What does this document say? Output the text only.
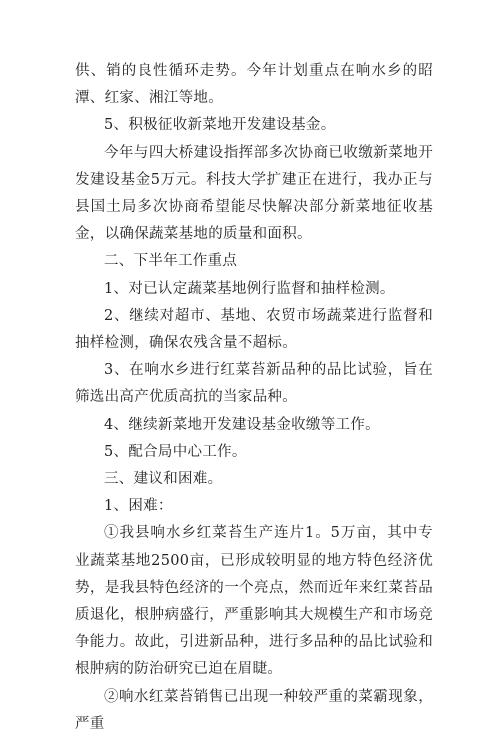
供、销的良性循环走势。今年计划重点在响水乡的昭潭、红家、湘江等地。

5、积极征收新菜地开发建设基金。

今年与四大桥建设指挥部多次协商已收缴新菜地开发建设基金5万元。科技大学扩建正在进行，我办正与县国土局多次协商希望能尽快解决部分新菜地征收基金，以确保蔬菜基地的质量和面积。

二、下半年工作重点

1、对已认定蔬菜基地例行监督和抽样检测。

2、继续对超市、基地、农贸市场蔬菜进行监督和抽样检测，确保农残含量不超标。

3、在响水乡进行红菜苔新品种的品比试验，旨在筛选出高产优质高抗的当家品种。

4、继续新菜地开发建设基金收缴等工作。

5、配合局中心工作。

三、建议和困难。

1、困难：

①我县响水乡红菜苔生产连片1。5万亩，其中专业蔬菜基地2500亩，已形成较明显的地方特色经济优势，是我县特色经济的一个亮点，然而近年来红菜苔品质退化，根肿病盛行，严重影响其大规模生产和市场竞争能力。故此，引进新品种，进行多品种的品比试验和根肿病的防治研究已迫在眉睫。

②响水红菜苔销售已出现一种较严重的菜霸现象，严重
